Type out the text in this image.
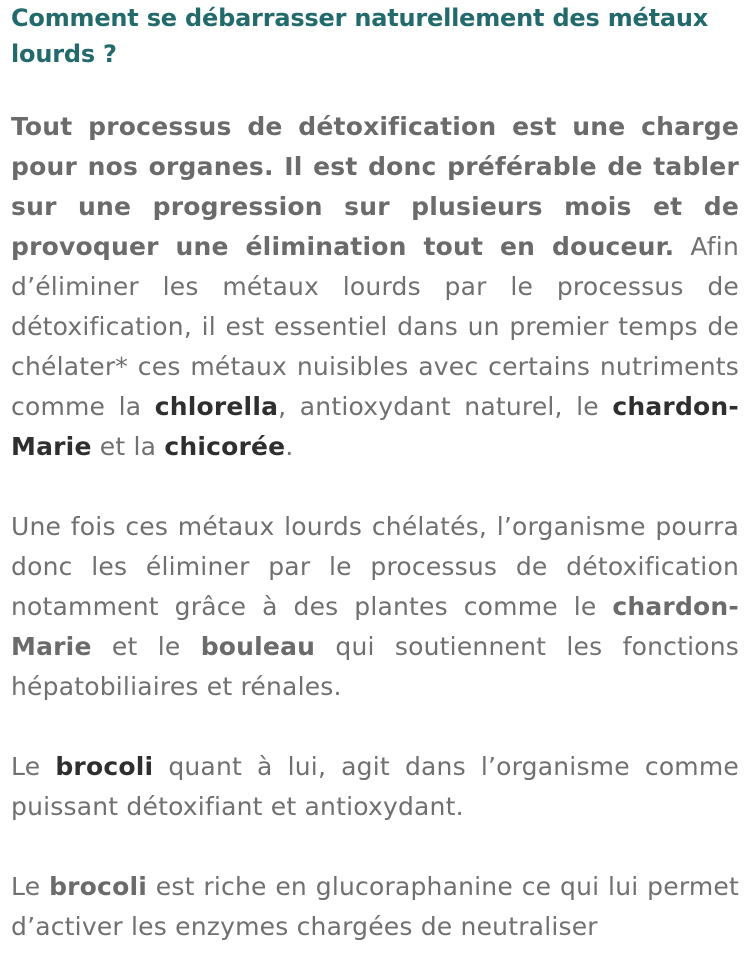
Comment se débarrasser naturellement des métaux lourds ?

Tout processus de détoxification est une charge pour nos organes. Il est donc préférable de tabler sur une progression sur plusieurs mois et de provoquer une élimination tout en douceur. Afin d’éliminer les métaux lourds par le processus de détoxification, il est essentiel dans un premier temps de chélater* ces métaux nuisibles avec certains nutriments comme la chlorella, antioxydant naturel, le chardon-Marie et la chicorée.

Une fois ces métaux lourds chélatés, l’organisme pourra donc les éliminer par le processus de détoxification notamment grâce à des plantes comme le chardon-Marie et le bouleau qui soutiennent les fonctions hépatobiliaires et rénales.

Le brocoli quant à lui, agit dans l’organisme comme puissant détoxifiant et antioxydant.

Le brocoli est riche en glucoraphanine ce qui lui permet d’activer les enzymes chargées de neutraliser
